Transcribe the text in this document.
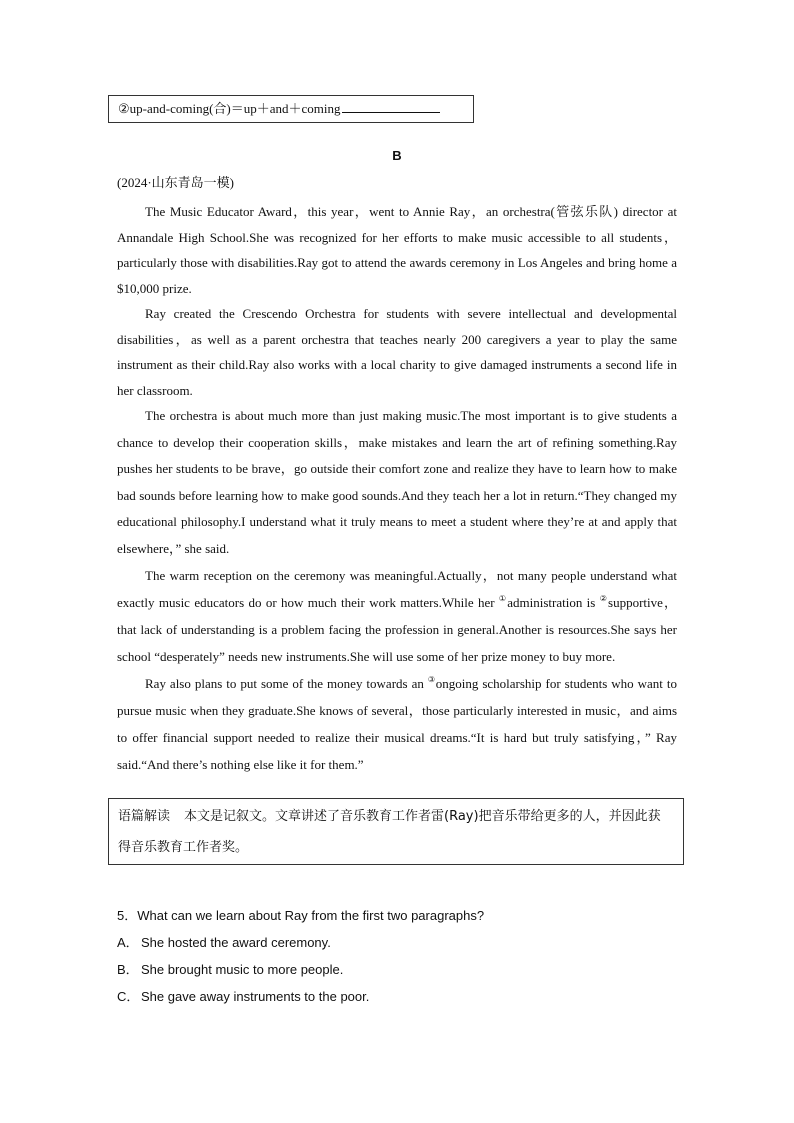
②up-and-coming(合)＝up＋and＋coming
B
(2024·山东青岛一模)

The Music Educator Award，this year，went to Annie Ray，an orchestra(管弦乐队) director at Annandale High School.She was recognized for her efforts to make music accessible to all students，particularly those with disabilities.Ray got to attend the awards ceremony in Los Angeles and bring home a $10,000 prize.

Ray created the Crescendo Orchestra for students with severe intellectual and developmental disabilities，as well as a parent orchestra that teaches nearly 200 caregivers a year to play the same instrument as their child.Ray also works with a local charity to give damaged instruments a second life in her classroom.

The orchestra is about much more than just making music.The most important is to give students a chance to develop their cooperation skills，make mistakes and learn the art of refining something.Ray pushes her students to be brave，go outside their comfort zone and realize they have to learn how to make bad sounds before learning how to make good sounds.And they teach her a lot in return.“They changed my educational philosophy.I understand what it truly means to meet a student where they’re at and apply that elsewhere，” she said.

The warm reception on the ceremony was meaningful.Actually，not many people understand what exactly music educators do or how much their work matters.While her ①administration is ②supportive，that lack of understanding is a problem facing the profession in general.Another is resources.She says her school “desperately” needs new instruments.She will use some of her prize money to buy more.

Ray also plans to put some of the money towards an ③ongoing scholarship for students who want to pursue music when they graduate.She knows of several，those particularly interested in music，and aims to offer financial support needed to realize their musical dreams.“It is hard but truly satisfying，” Ray said.“And there’s nothing else like it for them.”

语篇解读 本文是记叙文。文章讲述了音乐教育工作者雷(Ray)把音乐带给更多的人，并因此获得音乐教育工作者奖。
5．What can we learn about Ray from the first two paragraphs?
A． She hosted the award ceremony.
B． She brought music to more people.
C． She gave away instruments to the poor.
